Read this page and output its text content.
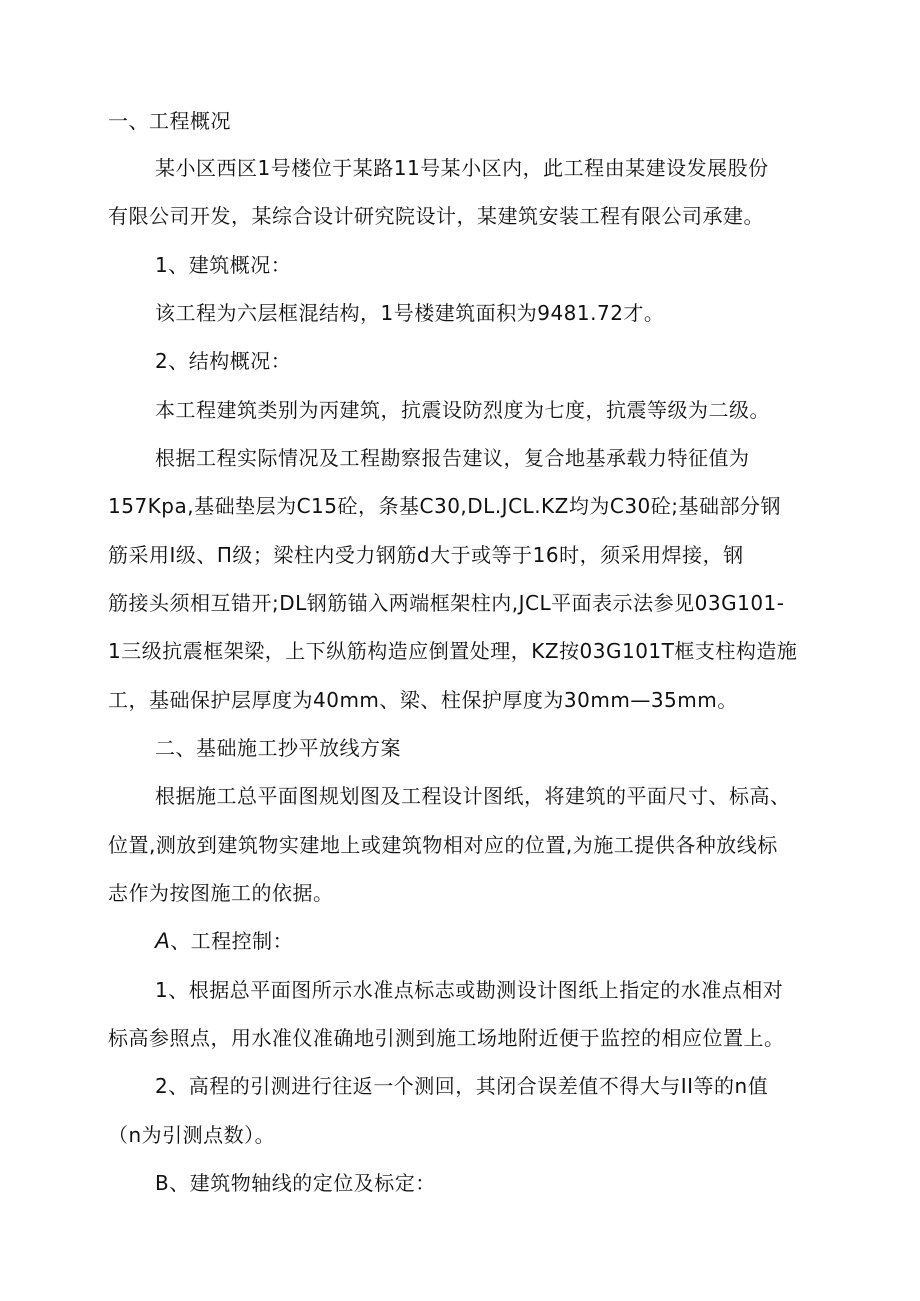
一、工程概况
某小区西区1号楼位于某路11号某小区内，此工程由某建设发展股份
有限公司开发，某综合设计研究院设计，某建筑安装工程有限公司承建。
1、建筑概况：
该工程为六层框混结构，1号楼建筑面积为9481.72才。
2、结构概况：
本工程建筑类别为丙建筑，抗震设防烈度为七度，抗震等级为二级。
根据工程实际情况及工程勘察报告建议，复合地基承载力特征值为
157Kpa,基础垫层为C15砼，条基C30,DL.JCL.KZ均为C30砼;基础部分钢
筋采用Ⅰ级、Π级；梁柱内受力钢筋d大于或等于16时，须采用焊接，钢
筋接头须相互错开;DL钢筋锚入两端框架柱内,JCL平面表示法参见03G101-
1三级抗震框架梁，上下纵筋构造应倒置处理，KZ按03G101T框支柱构造施
工，基础保护层厚度为40mm、梁、柱保护厚度为30mm—35mm。
二、基础施工抄平放线方案
根据施工总平面图规划图及工程设计图纸，将建筑的平面尺寸、标高、
位置,测放到建筑物实建地上或建筑物相对应的位置,为施工提供各种放线标
志作为按图施工的依据。
A、工程控制：
1、根据总平面图所示水准点标志或勘测设计图纸上指定的水准点相对
标高参照点，用水准仪准确地引测到施工场地附近便于监控的相应位置上。
2、高程的引测进行往返一个测回，其闭合误差值不得大与II等的n值
（n为引测点数）。
B、建筑物轴线的定位及标定：
